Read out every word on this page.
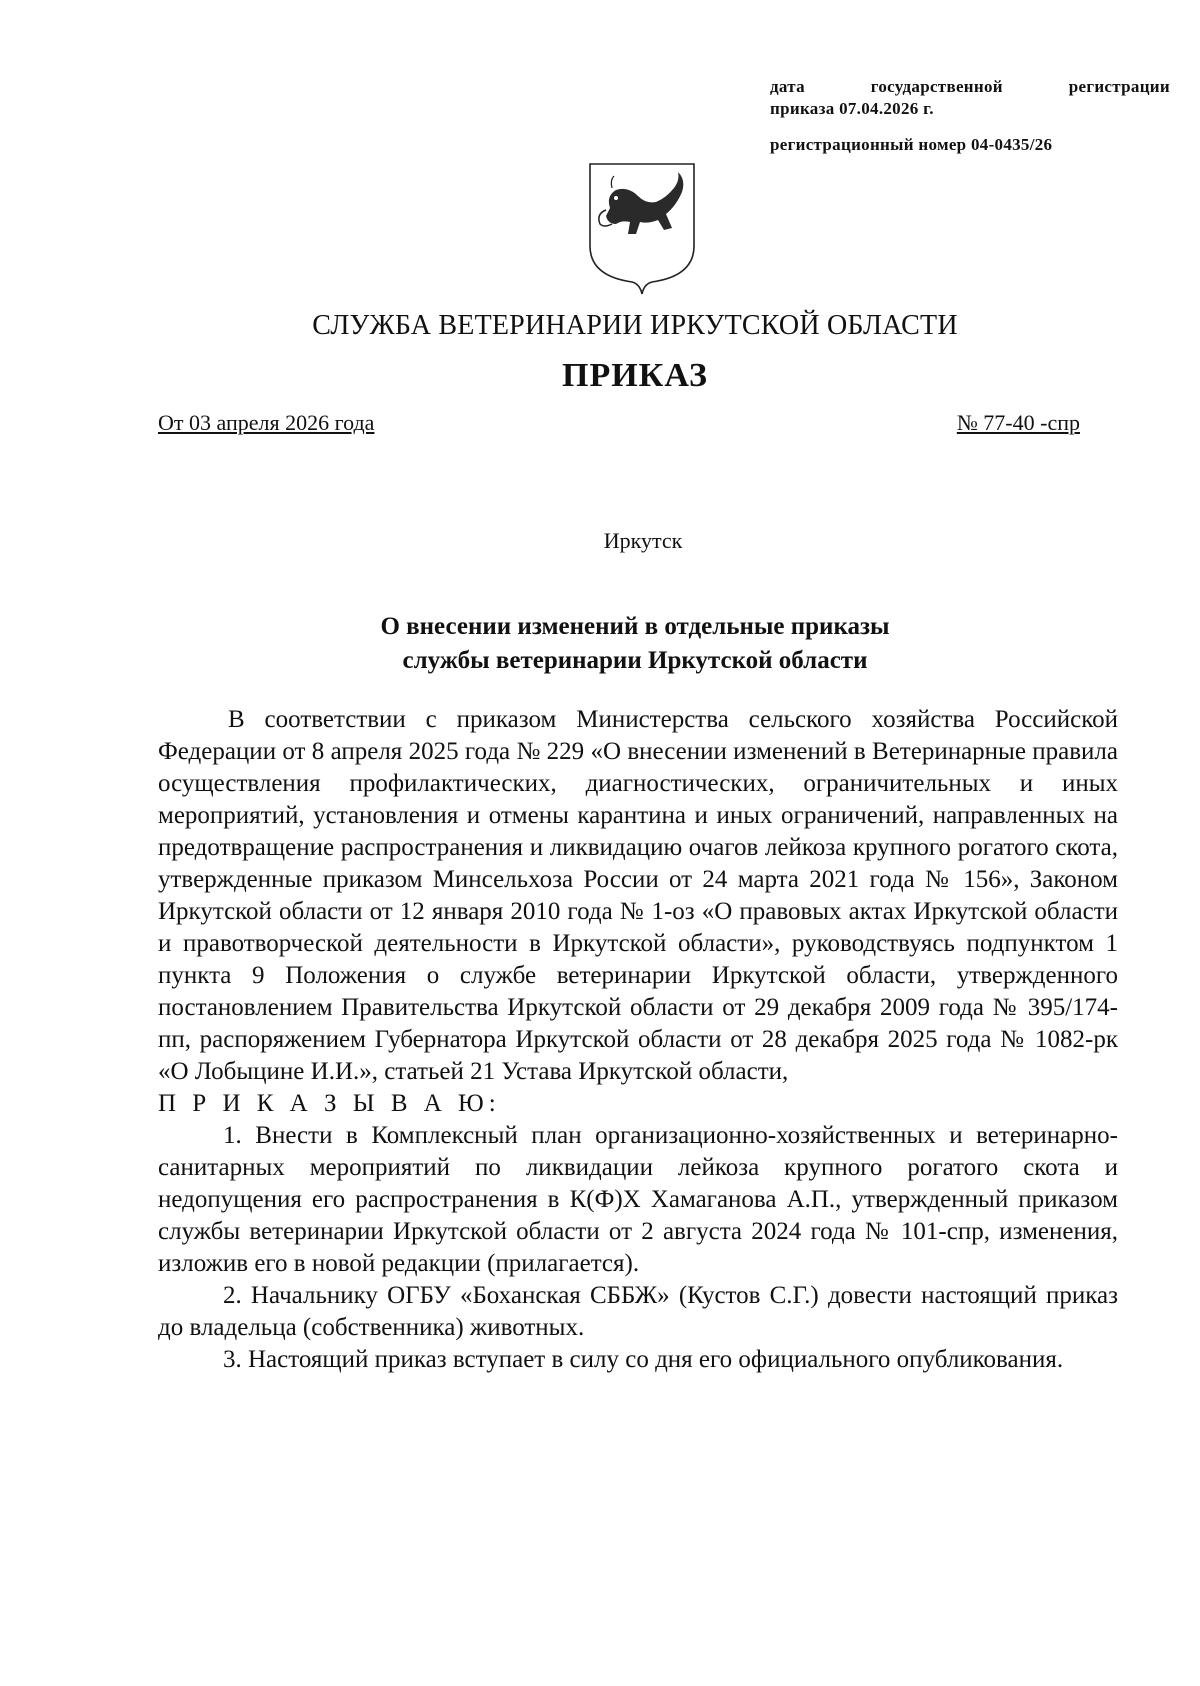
дата	государственной	регистрации
приказа 07.04.2026 г.
регистрационный номер 04-0435/26
СЛУЖБА ВЕТЕРИНАРИИ ИРКУТСКОЙ ОБЛАСТИ
ПРИКАЗ
От 03 апреля 2026 года	№ 77-40 -спр
Иркутск
О внесении изменений в отдельные приказы
службы ветеринарии Иркутской области

В соответствии с приказом Министерства сельского хозяйства Российской Федерации от 8 апреля 2025 года № 229 «О внесении изменений в Ветеринарные правила осуществления профилактических, диагностических, ограничительных и иных мероприятий, установления и отмены карантина и иных ограничений, направленных на предотвращение распространения и ликвидацию очагов лейкоза крупного рогатого скота, утвержденные приказом Минсельхоза России от 24 марта 2021 года № 156», Законом Иркутской области от 12 января 2010 года № 1-оз «О правовых актах Иркутской области и правотворческой деятельности в Иркутской области», руководствуясь подпунктом 1 пункта 9 Положения о службе ветеринарии Иркутской области, утвержденного постановлением Правительства Иркутской области от 29 декабря 2009 года № 395/174-пп, распоряжением Губернатора Иркутской области от 28 декабря 2025 года № 1082-рк «О Лобыцине И.И.», статьей 21 Устава Иркутской области,

П Р И К А З Ы В А Ю:

1. Внести в Комплексный план организационно-хозяйственных и ветеринарно-санитарных мероприятий по ликвидации лейкоза крупного рогатого скота и недопущения его распространения в К(Ф)Х Хамаганова А.П., утвержденный приказом службы ветеринарии Иркутской области от 2 августа 2024 года № 101-спр, изменения, изложив его в новой редакции (прилагается).

2. Начальнику ОГБУ «Боханская СББЖ» (Кустов С.Г.) довести настоящий приказ до владельца (собственника) животных.

3. Настоящий приказ вступает в силу со дня его официального опубликования.
